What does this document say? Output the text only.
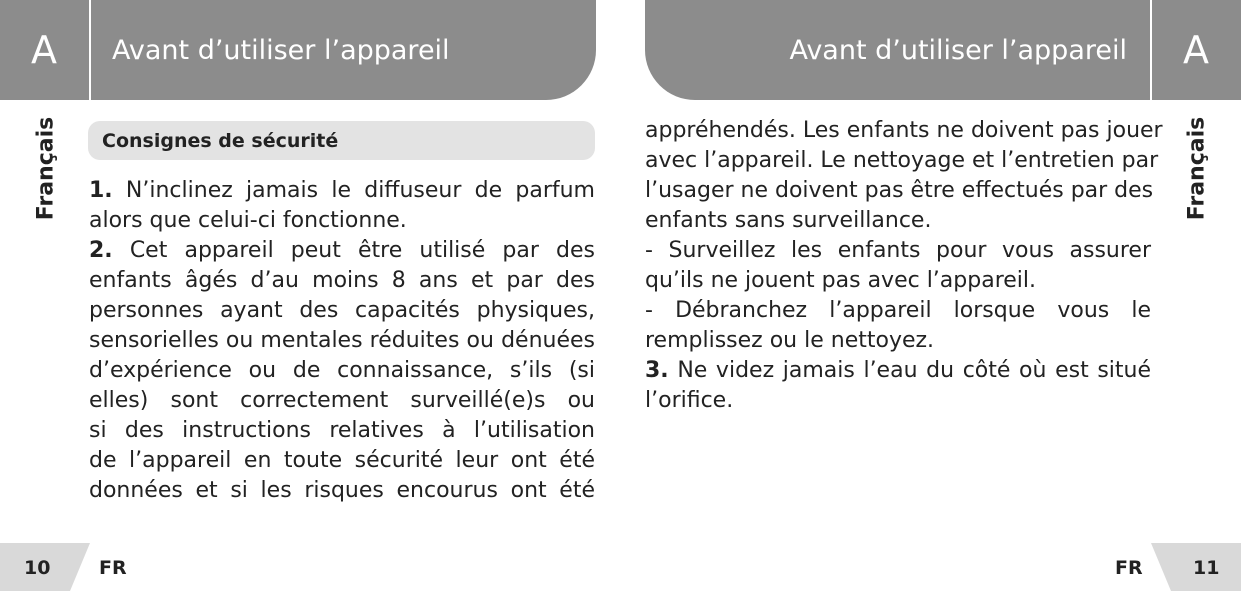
A	Avant d’utiliser l’appareil	Avant d’utiliser l’appareil	A
Français	Français
Consignes de sécurité
1. N’inclinez jamais le diffuseur de parfum
alors que celui-ci fonctionne.
2. Cet appareil peut être utilisé par des
enfants âgés d’au moins 8 ans et par des
personnes ayant des capacités physiques,
sensorielles ou mentales réduites ou dénuées
d’expérience ou de connaissance, s’ils (si
elles) sont correctement surveillé(e)s ou
si des instructions relatives à l’utilisation
de l’appareil en toute sécurité leur ont été
données et si les risques encourus ont été
appréhendés. Les enfants ne doivent pas jouer
avec l’appareil. Le nettoyage et l’entretien par
l’usager ne doivent pas être effectués par des
enfants sans surveillance.
- Surveillez les enfants pour vous assurer
qu’ils ne jouent pas avec l’appareil.
- Débranchez l’appareil lorsque vous le
remplissez ou le nettoyez.
3. Ne videz jamais l’eau du côté où est situé
l’orifice.
10	FR	FR	11
